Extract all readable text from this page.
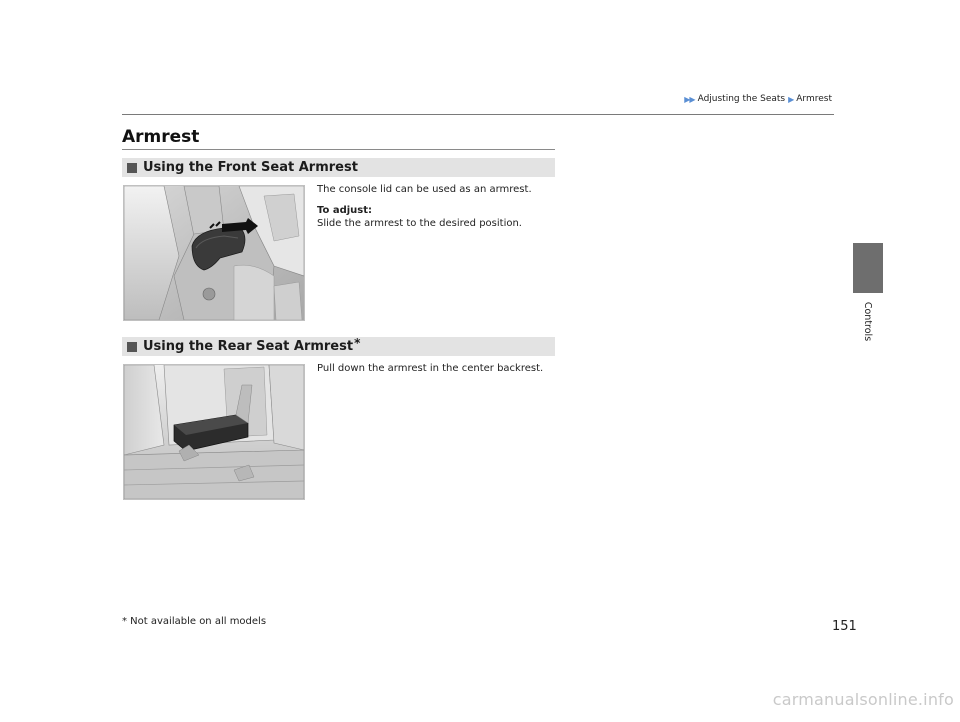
▶▶ Adjusting the Seats ▶ Armrest
Controls
Armrest
Using the Front Seat Armrest
The console lid can be used as an armrest.
To adjust:
Slide the armrest to the desired position.
Using the Rear Seat Armrest *
Pull down the armrest in the center backrest.
* Not available on all models	151
carmanualsonline.info
